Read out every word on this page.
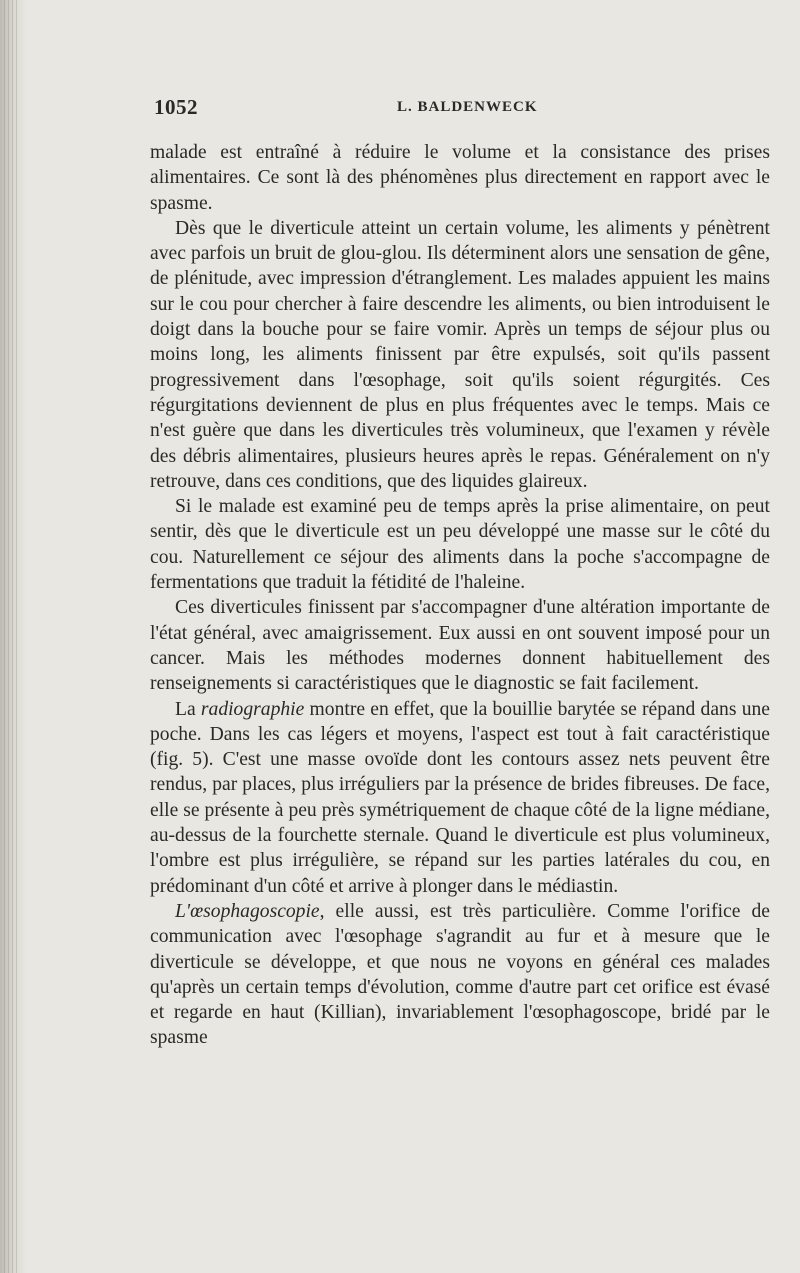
1052	L. BALDENWECK

malade est entraîné à réduire le volume et la consistance des prises alimentaires. Ce sont là des phénomènes plus directement en rapport avec le spasme.

Dès que le diverticule atteint un certain volume, les aliments y pénètrent avec parfois un bruit de glou-glou. Ils déterminent alors une sensation de gêne, de plénitude, avec impression d'étranglement. Les malades appuient les mains sur le cou pour chercher à faire descendre les aliments, ou bien introduisent le doigt dans la bouche pour se faire vomir. Après un temps de séjour plus ou moins long, les aliments finissent par être expulsés, soit qu'ils passent progressivement dans l'œsophage, soit qu'ils soient régurgités. Ces régurgitations deviennent de plus en plus fréquentes avec le temps. Mais ce n'est guère que dans les diverticules très volumineux, que l'examen y révèle des débris alimentaires, plusieurs heures après le repas. Généralement on n'y retrouve, dans ces conditions, que des liquides glaireux.

Si le malade est examiné peu de temps après la prise alimentaire, on peut sentir, dès que le diverticule est un peu développé une masse sur le côté du cou. Naturellement ce séjour des aliments dans la poche s'accompagne de fermentations que traduit la fétidité de l'haleine.

Ces diverticules finissent par s'accompagner d'une altération importante de l'état général, avec amaigrissement. Eux aussi en ont souvent imposé pour un cancer. Mais les méthodes modernes donnent habituellement des renseignements si caractéristiques que le diagnostic se fait facilement.

La radiographie montre en effet, que la bouillie barytée se répand dans une poche. Dans les cas légers et moyens, l'aspect est tout à fait caractéristique (fig. 5). C'est une masse ovoïde dont les contours assez nets peuvent être rendus, par places, plus irréguliers par la présence de brides fibreuses. De face, elle se présente à peu près symétriquement de chaque côté de la ligne médiane, au-dessus de la fourchette sternale. Quand le diverticule est plus volumineux, l'ombre est plus irrégulière, se répand sur les parties latérales du cou, en prédominant d'un côté et arrive à plonger dans le médiastin.

L'œsophagoscopie, elle aussi, est très particulière. Comme l'orifice de communication avec l'œsophage s'agrandit au fur et à mesure que le diverticule se développe, et que nous ne voyons en général ces malades qu'après un certain temps d'évolution, comme d'autre part cet orifice est évasé et regarde en haut (Killian), invariablement l'œsophagoscope, bridé par le spasme
